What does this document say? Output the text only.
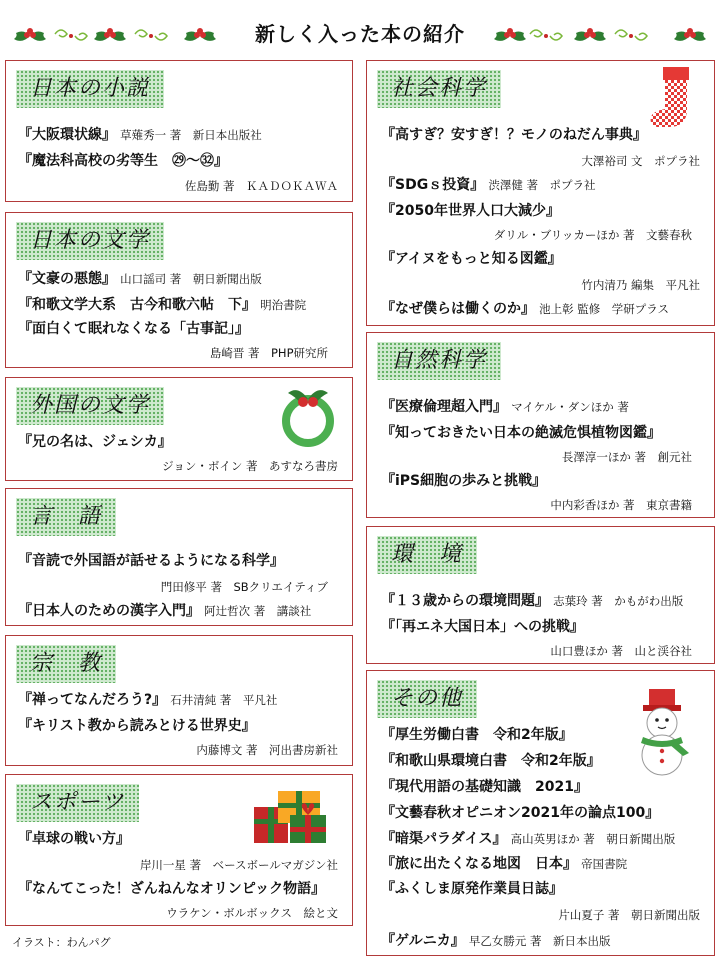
新しく入った本の紹介
日本の小説
『大阪環状線』 草薙秀一 著　新日本出版社
『魔法科高校の劣等生　㉙～㉜』
佐島勤 著　ＫＡＤＯＫＡＷＡ
日本の文学
『文豪の悪態』 山口謡司 著　朝日新聞出版
『和歌文学大系　古今和歌六帖　下』 明治書院
『面白くて眠れなくなる「古事記」』
島崎晋 著　PHP研究所
外国の文学
『兄の名は、ジェシカ』
ジョン・ボイン 著　あすなろ書房
言　語
『音読で外国語が話せるようになる科学』
門田修平 著　SBクリエイティブ
『日本人のための漢字入門』 阿辻哲次 著　講談社
宗　教
『禅ってなんだろう?』 石井清純 著　平凡社
『キリスト教から読みとける世界史』
内藤博文 著　河出書房新社
スポーツ
『卓球の戦い方』
岸川一星 著　ベースボールマガジン社
『なんてこった！ざんねんなオリンピック物語』
ウラケン・ボルボックス　絵と文
社会科学
『高すぎ？安すぎ！？モノのねだん事典』
大澤裕司 文　ポプラ社
『SDGｓ投資』 渋澤健 著　ポプラ社
『2050年世界人口大減少』
ダリル・ブリッカーほか 著　文藝春秋
『アイヌをもっと知る図鑑』
竹内清乃 編集　平凡社
『なぜ僕らは働くのか』 池上彰 監修　学研プラス
自然科学
『医療倫理超入門』 マイケル・ダンほか 著
『知っておきたい日本の絶滅危惧植物図鑑』
長澤淳一ほか 著　創元社
『iPS細胞の歩みと挑戦』
中内彩香ほか 著　東京書籍
環　境
『１３歳からの環境問題』 志葉玲 著　かもがわ出版
『「再エネ大国日本」への挑戦』
山口豊ほか 著　山と渓谷社
その他
『厚生労働白書　令和2年版』
『和歌山県環境白書　令和2年版』
『現代用語の基礎知識　2021』
『文藝春秋オピニオン2021年の論点100』
『暗渠パラダイス』 高山英男ほか 著　朝日新聞出版
『旅に出たくなる地図　日本』 帝国書院
『ふくしま原発作業員日誌』
片山夏子 著　朝日新聞出版
『ゲルニカ』 早乙女勝元 著　新日本出版
イラスト：わんパグ
